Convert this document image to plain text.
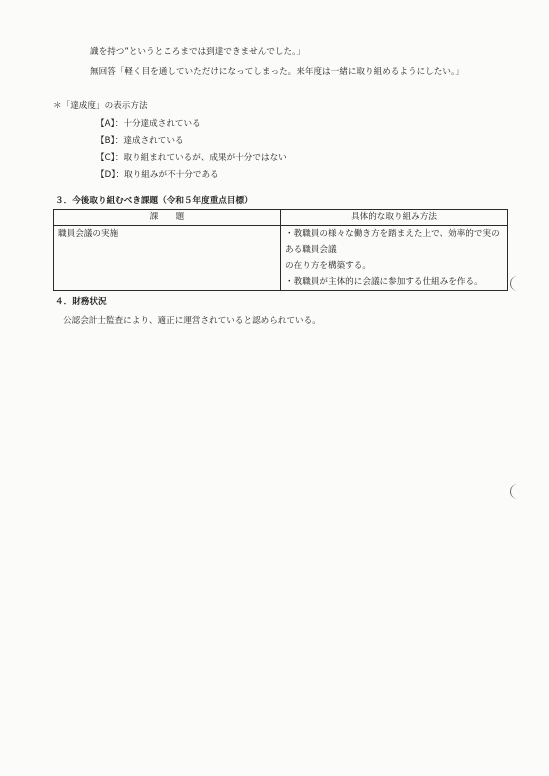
識を持つ”というところまでは到達できませんでした。」
無回答「軽く目を通していただけになってしまった。来年度は一緒に取り組めるようにしたい。」
＊「達成度」の表示方法
【A】：十分達成されている
【B】：達成されている
【C】：取り組まれているが、成果が十分ではない
【D】：取り組みが不十分である
３．今後取り組むべき課題（令和５年度重点目標）
課　　題	具体的な取り組み方法
職員会議の実施	・教職員の様々な働き方を踏まえた上で、効率的で実のある職員会議
の在り方を構築する。
・教職員が主体的に会議に参加する仕組みを作る。
４．財務状況
公認会計士監査により、適正に運営されていると認められている。
